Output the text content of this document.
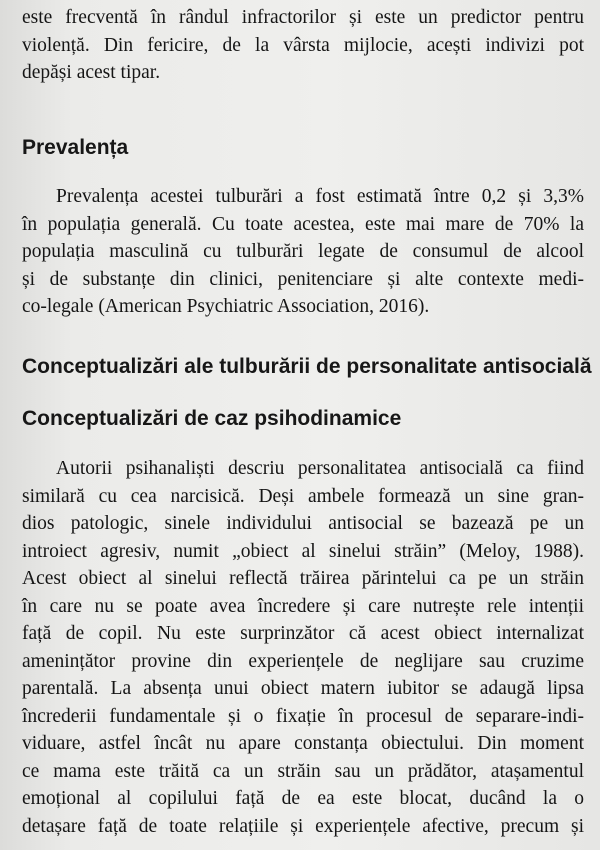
este frecventă în rândul infractorilor și este un predictor pentru
violență. Din fericire, de la vârsta mijlocie, acești indivizi pot
depăși acest tipar.
Prevalența
Prevalența acestei tulburări a fost estimată între 0,2 și 3,3%
în populația generală. Cu toate acestea, este mai mare de 70% la
populația masculină cu tulburări legate de consumul de alcool
și de substanțe din clinici, penitenciare și alte contexte medi-
co-legale (American Psychiatric Association, 2016).
Conceptualizări ale tulburării de personalitate antisocială
Conceptualizări de caz psihodinamice
Autorii psihanaliști descriu personalitatea antisocială ca fiind
similară cu cea narcisică. Deși ambele formează un sine gran-
dios patologic, sinele individului antisocial se bazează pe un
introiect agresiv, numit „obiect al sinelui străin” (Meloy, 1988).
Acest obiect al sinelui reflectă trăirea părintelui ca pe un străin
în care nu se poate avea încredere și care nutrește rele intenții
față de copil. Nu este surprinzător că acest obiect internalizat
amenințător provine din experiențele de neglijare sau cruzime
parentală. La absența unui obiect matern iubitor se adaugă lipsa
încrederii fundamentale și o fixație în procesul de separare-indi-
viduare, astfel încât nu apare constanța obiectului. Din moment
ce mama este trăită ca un străin sau un prădător, atașamentul
emoțional al copilului față de ea este blocat, ducând la o
detașare față de toate relațiile și experiențele afective, precum și
